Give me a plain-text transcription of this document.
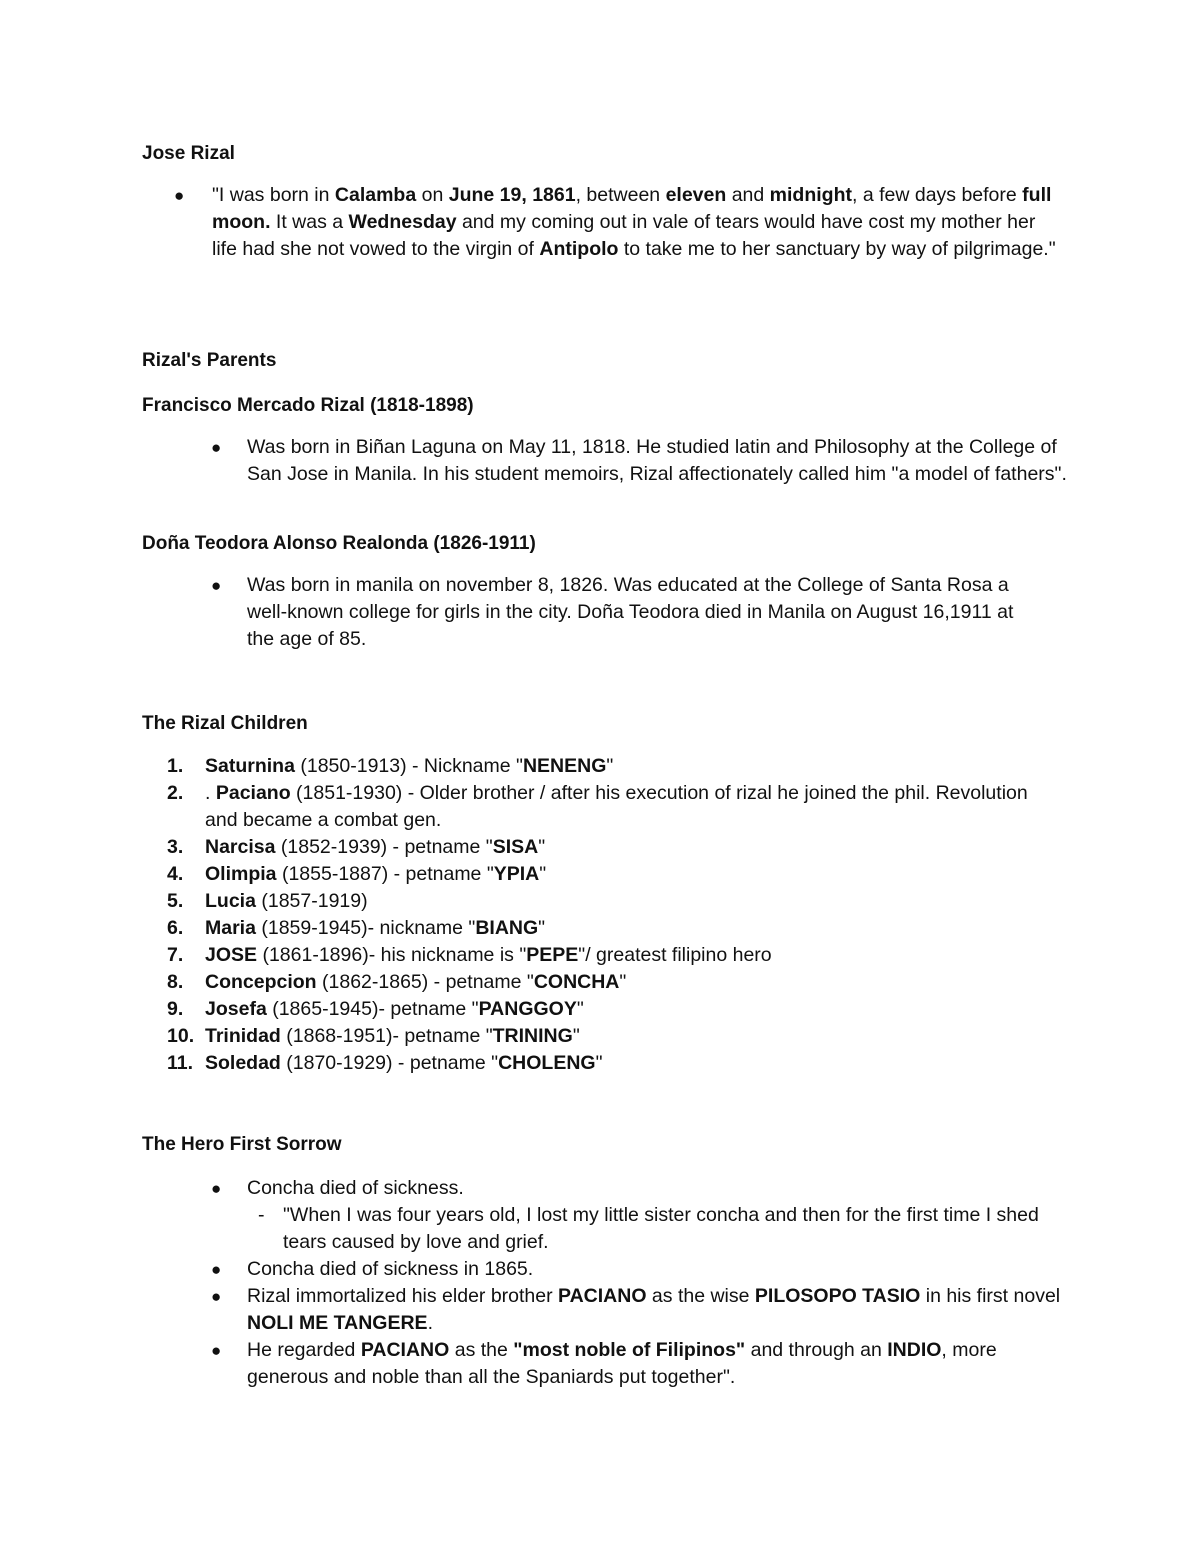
Jose Rizal
● "I was born in Calamba on June 19, 1861, between eleven and midnight, a few days before full moon. It was a Wednesday and my coming out in vale of tears would have cost my mother her life had she not vowed to the virgin of Antipolo to take me to her sanctuary by way of pilgrimage."
Rizal's Parents
Francisco Mercado Rizal (1818-1898)
● Was born in Biñan Laguna on May 11, 1818. He studied latin and Philosophy at the College of San Jose in Manila. In his student memoirs, Rizal affectionately called him "a model of fathers".
Doña Teodora Alonso Realonda (1826-1911)
● Was born in manila on november 8, 1826. Was educated at the College of Santa Rosa a well-known college for girls in the city. Doña Teodora died in Manila on August 16,1911 at the age of 85.
The Rizal Children
1.	Saturnina (1850-1913) - Nickname "NENENG"
2.	. Paciano (1851-1930) - Older brother / after his execution of rizal he joined the phil. Revolution and became a combat gen.
3.	Narcisa (1852-1939) - petname "SISA"
4.	Olimpia (1855-1887) - petname "YPIA"
5.	Lucia (1857-1919)
6.	Maria (1859-1945)- nickname "BIANG"
7.	JOSE (1861-1896)- his nickname is "PEPE"/ greatest filipino hero
8.	Concepcion (1862-1865) - petname "CONCHA"
9.	Josefa (1865-1945)- petname "PANGGOY"
10. Trinidad (1868-1951)- petname "TRINING"
11. Soledad (1870-1929) - petname "CHOLENG"
The Hero First Sorrow
● Concha died of sickness.
- "When I was four years old, I lost my little sister concha and then for the first time I shed tears caused by love and grief.
● Concha died of sickness in 1865.
● Rizal immortalized his elder brother PACIANO as the wise PILOSOPO TASIO in his first novel NOLI ME TANGERE.
● He regarded PACIANO as the "most noble of Filipinos" and through an INDIO, more generous and noble than all the Spaniards put together".
